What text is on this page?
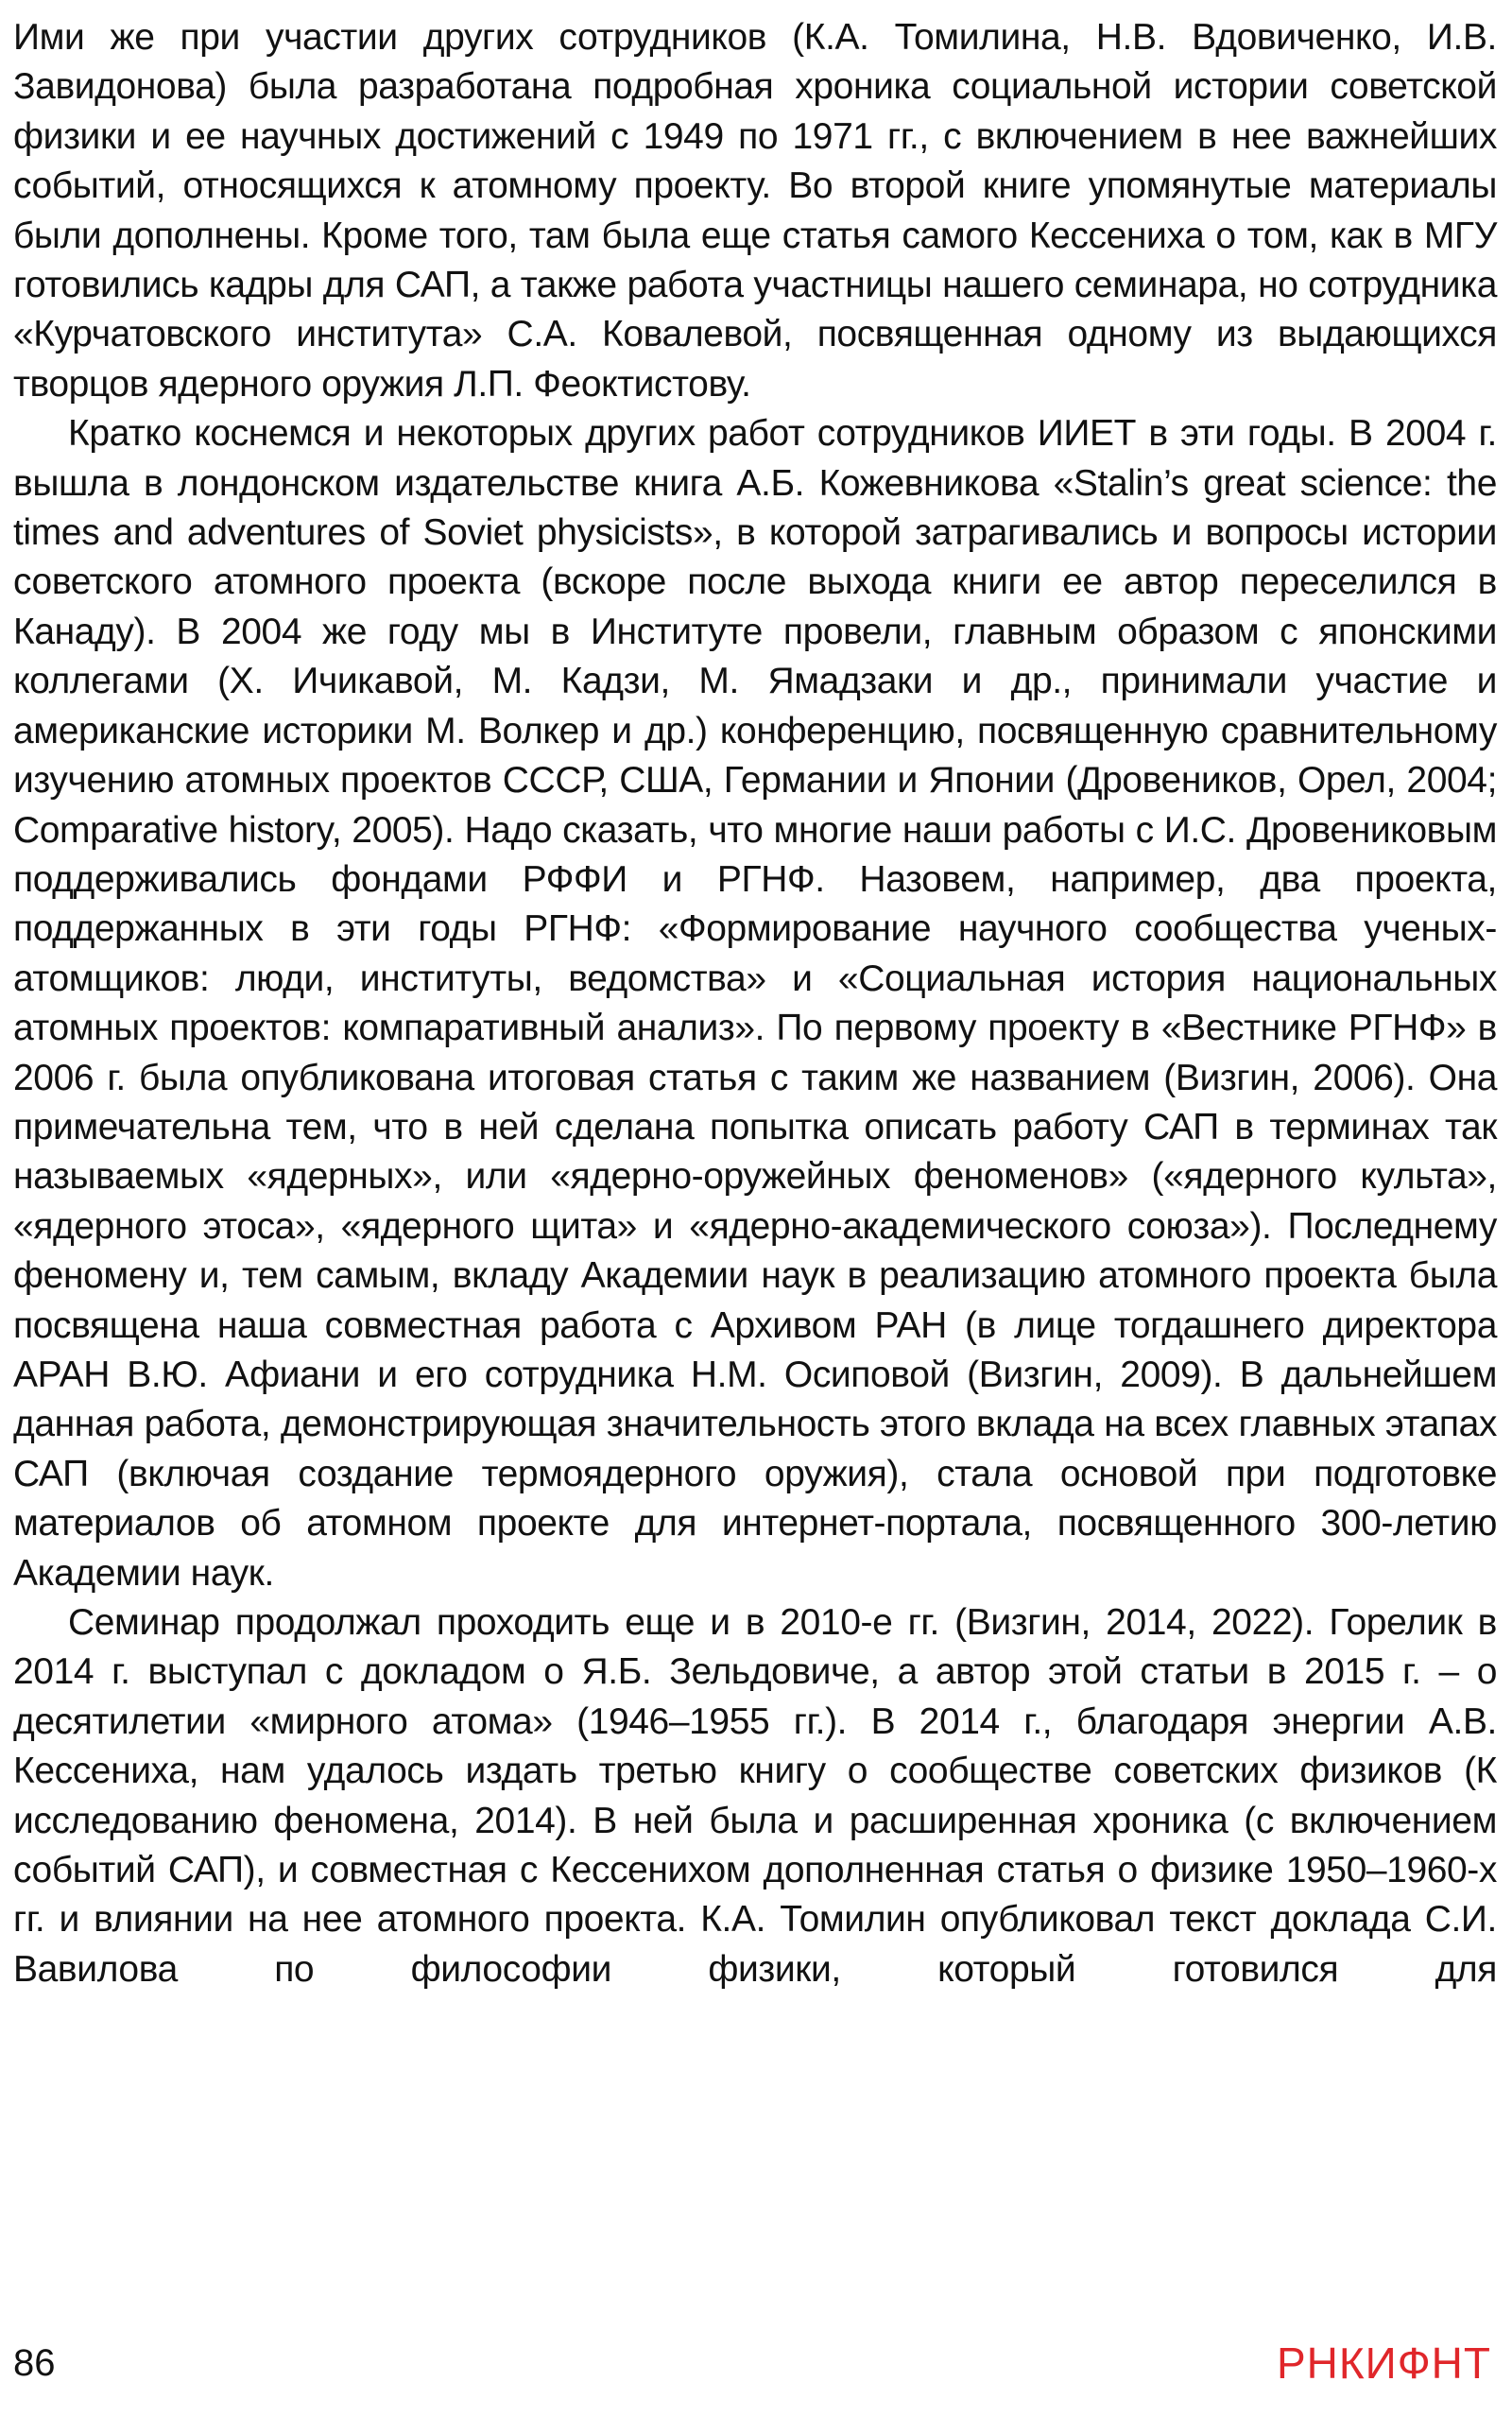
Ими же при участии других сотрудников (К.А. Томилина, Н.В. Вдовиченко, И.В. Завидонова) была разработана подробная хроника социальной истории советской физики и ее научных достижений с 1949 по 1971 гг., с включением в нее важнейших событий, относящихся к атомному проекту. Во второй книге упомянутые материалы были дополнены. Кроме того, там была еще статья самого Кессениха о том, как в МГУ готовились кадры для САП, а также работа участницы нашего семинара, но сотрудника «Курчатовского института» С.А. Ковалевой, посвященная одному из выдающихся творцов ядерного оружия Л.П. Феоктистову.

Кратко коснемся и некоторых других работ сотрудников ИИЕТ в эти годы. В 2004 г. вышла в лондонском издательстве книга А.Б. Кожевникова «Stalin’s great science: the times and adventures of Soviet physicists», в которой затрагивались и вопросы истории советского атомного проекта (вскоре после выхода книги ее автор переселился в Канаду). В 2004 же году мы в Институте провели, главным образом с японскими коллегами (Х. Ичикавой, М. Кадзи, М. Ямадзаки и др., принимали участие и американские историки М. Волкер и др.) конференцию, посвященную сравнительному изучению атомных проектов СССР, США, Германии и Японии (Дровеников, Орел, 2004; Comparative history, 2005). Надо сказать, что многие наши работы с И.С. Дровениковым поддерживались фондами РФФИ и РГНФ. Назовем, например, два проекта, поддержанных в эти годы РГНФ: «Формирование научного сообщества ученых-атомщиков: люди, институты, ведомства» и «Социальная история национальных атомных проектов: компаративный анализ». По первому проекту в «Вестнике РГНФ» в 2006 г. была опубликована итоговая статья с таким же названием (Визгин, 2006). Она примечательна тем, что в ней сделана попытка описать работу САП в терминах так называемых «ядерных», или «ядерно-оружейных феноменов» («ядерного культа», «ядерного этоса», «ядерного щита» и «ядерно-академического союза»). Последнему феномену и, тем самым, вкладу Академии наук в реализацию атомного проекта была посвящена наша совместная работа с Архивом РАН (в лице тогдашнего директора АРАН В.Ю. Афиани и его сотрудника Н.М. Осиповой (Визгин, 2009). В дальнейшем данная работа, демонстрирующая значительность этого вклада на всех главных этапах САП (включая создание термоядерного оружия), стала основой при подготовке материалов об атомном проекте для интернет-портала, посвященного 300-летию Академии наук.

Семинар продолжал проходить еще и в 2010-е гг. (Визгин, 2014, 2022). Горелик в 2014 г. выступал с докладом о Я.Б. Зельдовиче, а автор этой статьи в 2015 г. – о десятилетии «мирного атома» (1946–1955 гг.). В 2014 г., благодаря энергии А.В. Кессениха, нам удалось издать третью книгу о сообществе советских физиков (К исследованию феномена, 2014). В ней была и расширенная хроника (с включением событий САП), и совместная с Кессенихом дополненная статья о физике 1950–1960-х гг. и влиянии на нее атомного проекта. К.А. Томилин опубликовал текст доклада С.И. Вавилова по философии физики, который готовился для

86	РНКИФНТ
